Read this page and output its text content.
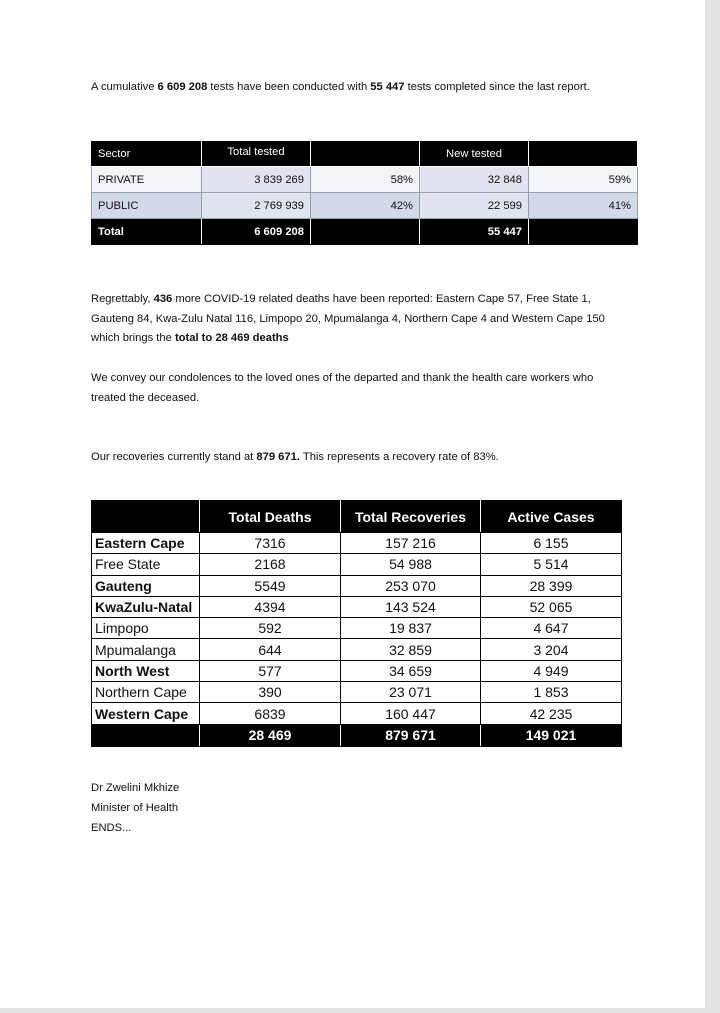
A cumulative 6 609 208 tests have been conducted with 55 447 tests completed since the last report.
Sector	Total tested		New tested	
PRIVATE	3 839 269	58%	32 848	59%
PUBLIC	2 769 939	42%	22 599	41%
Total	6 609 208		55 447	
Regrettably, 436 more COVID-19 related deaths have been reported: Eastern Cape 57, Free State 1, Gauteng 84, Kwa-Zulu Natal 116, Limpopo 20, Mpumalanga 4, Northern Cape 4 and Western Cape 150 which brings the total to 28 469 deaths
We convey our condolences to the loved ones of the departed and thank the health care workers who treated the deceased.
Our recoveries currently stand at 879 671. This represents a recovery rate of 83%.
	Total Deaths	Total Recoveries	Active Cases
Eastern Cape	7316	157 216	6 155
Free State	2168	54 988	5 514
Gauteng	5549	253 070	28 399
KwaZulu-Natal	4394	143 524	52 065
Limpopo	592	19 837	4 647
Mpumalanga	644	32 859	3 204
North West	577	34 659	4 949
Northern Cape	390	23 071	1 853
Western Cape	6839	160 447	42 235
	28 469	879 671	149 021
Dr Zwelini Mkhize
Minister of Health
ENDS...
